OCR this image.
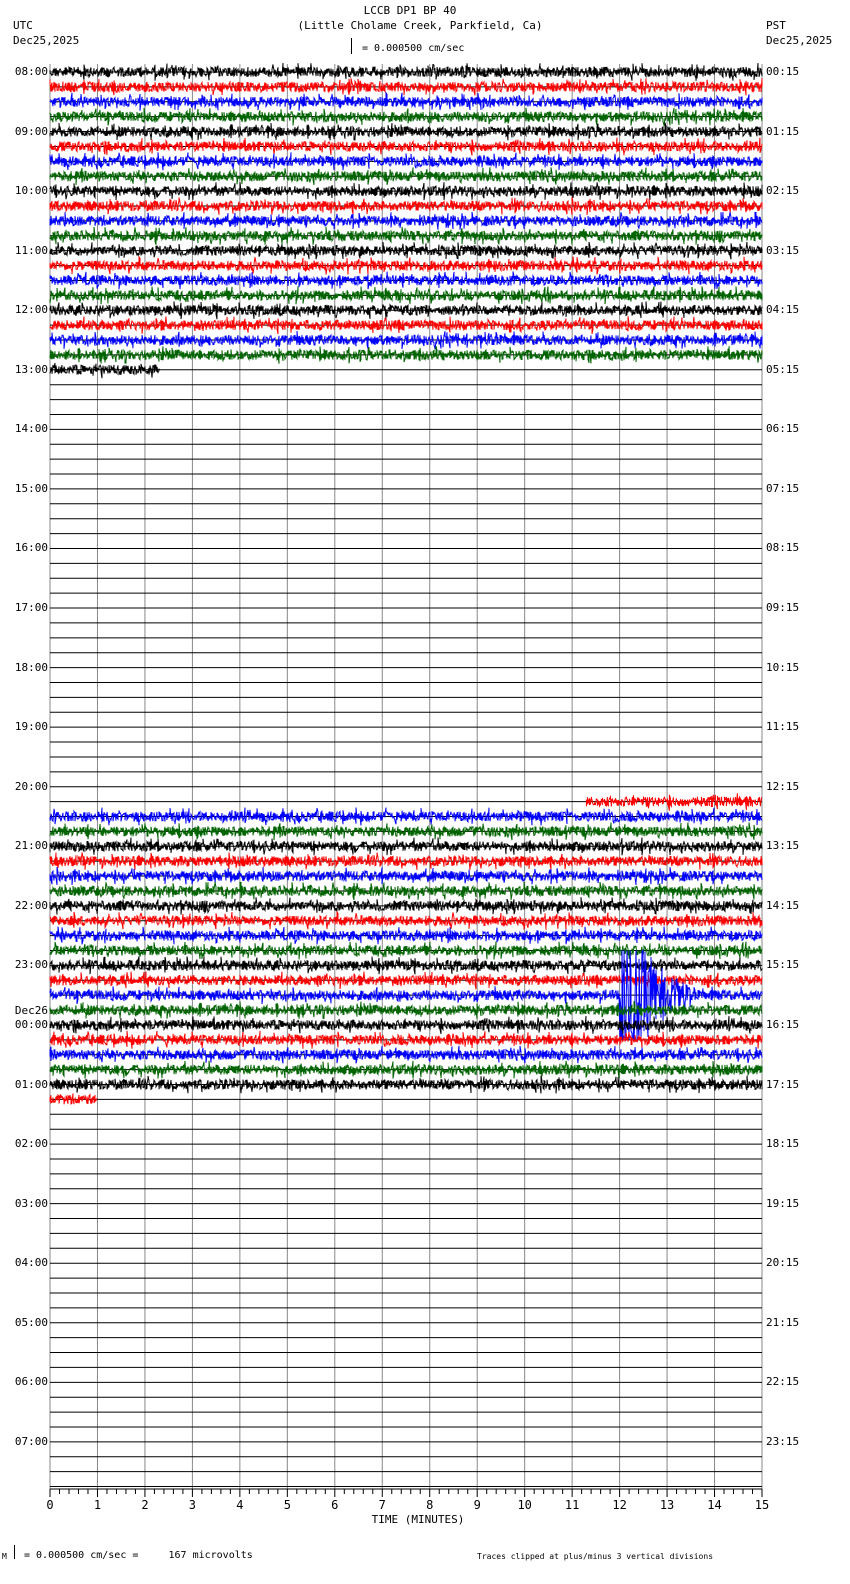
LCCB DP1 BP 40
(Little Cholame Creek, Parkfield, Ca)
UTC
Dec25,2025
PST
Dec25,2025
= 0.000500 cm/sec
0	1	2	3	4	5	6	7	8	9	10	11	12	13	14	15
08:00
09:00
10:00
11:00
12:00
13:00
14:00
15:00
16:00
17:00
18:00
19:00
20:00
21:00
22:00
23:00
00:00
Dec26
01:00
02:00
03:00
04:00
05:00
06:00
07:00
00:15
01:15
02:15
03:15
04:15
05:15
06:15
07:15
08:15
09:15
10:15
11:15
12:15
13:15
14:15
15:15
16:15
17:15
18:15
19:15
20:15
21:15
22:15
23:15
TIME (MINUTES)
M = 0.000500 cm/sec =     167 microvolts	Traces clipped at plus/minus 3 vertical divisions
